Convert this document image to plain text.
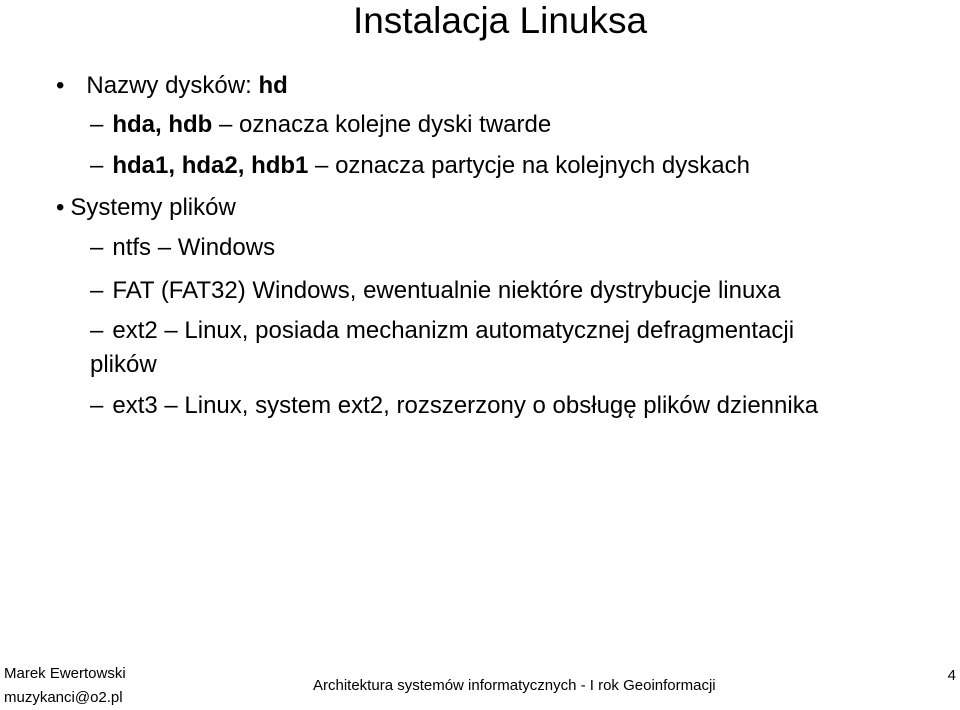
Instalacja Linuksa
• Nazwy dysków: hd
– hda, hdb – oznacza kolejne dyski twarde
– hda1, hda2, hdb1 – oznacza partycje na kolejnych dyskach
• Systemy plików
– ntfs – Windows
– FAT (FAT32) Windows, ewentualnie niektóre dystrybucje linuxa
– ext2 – Linux, posiada mechanizm automatycznej defragmentacji
plików
– ext3 – Linux, system ext2, rozszerzony o obsługę plików dziennika
Marek Ewertowski
muzykanci@o2.pl
Architektura systemów informatycznych - I rok Geoinformacji
4
